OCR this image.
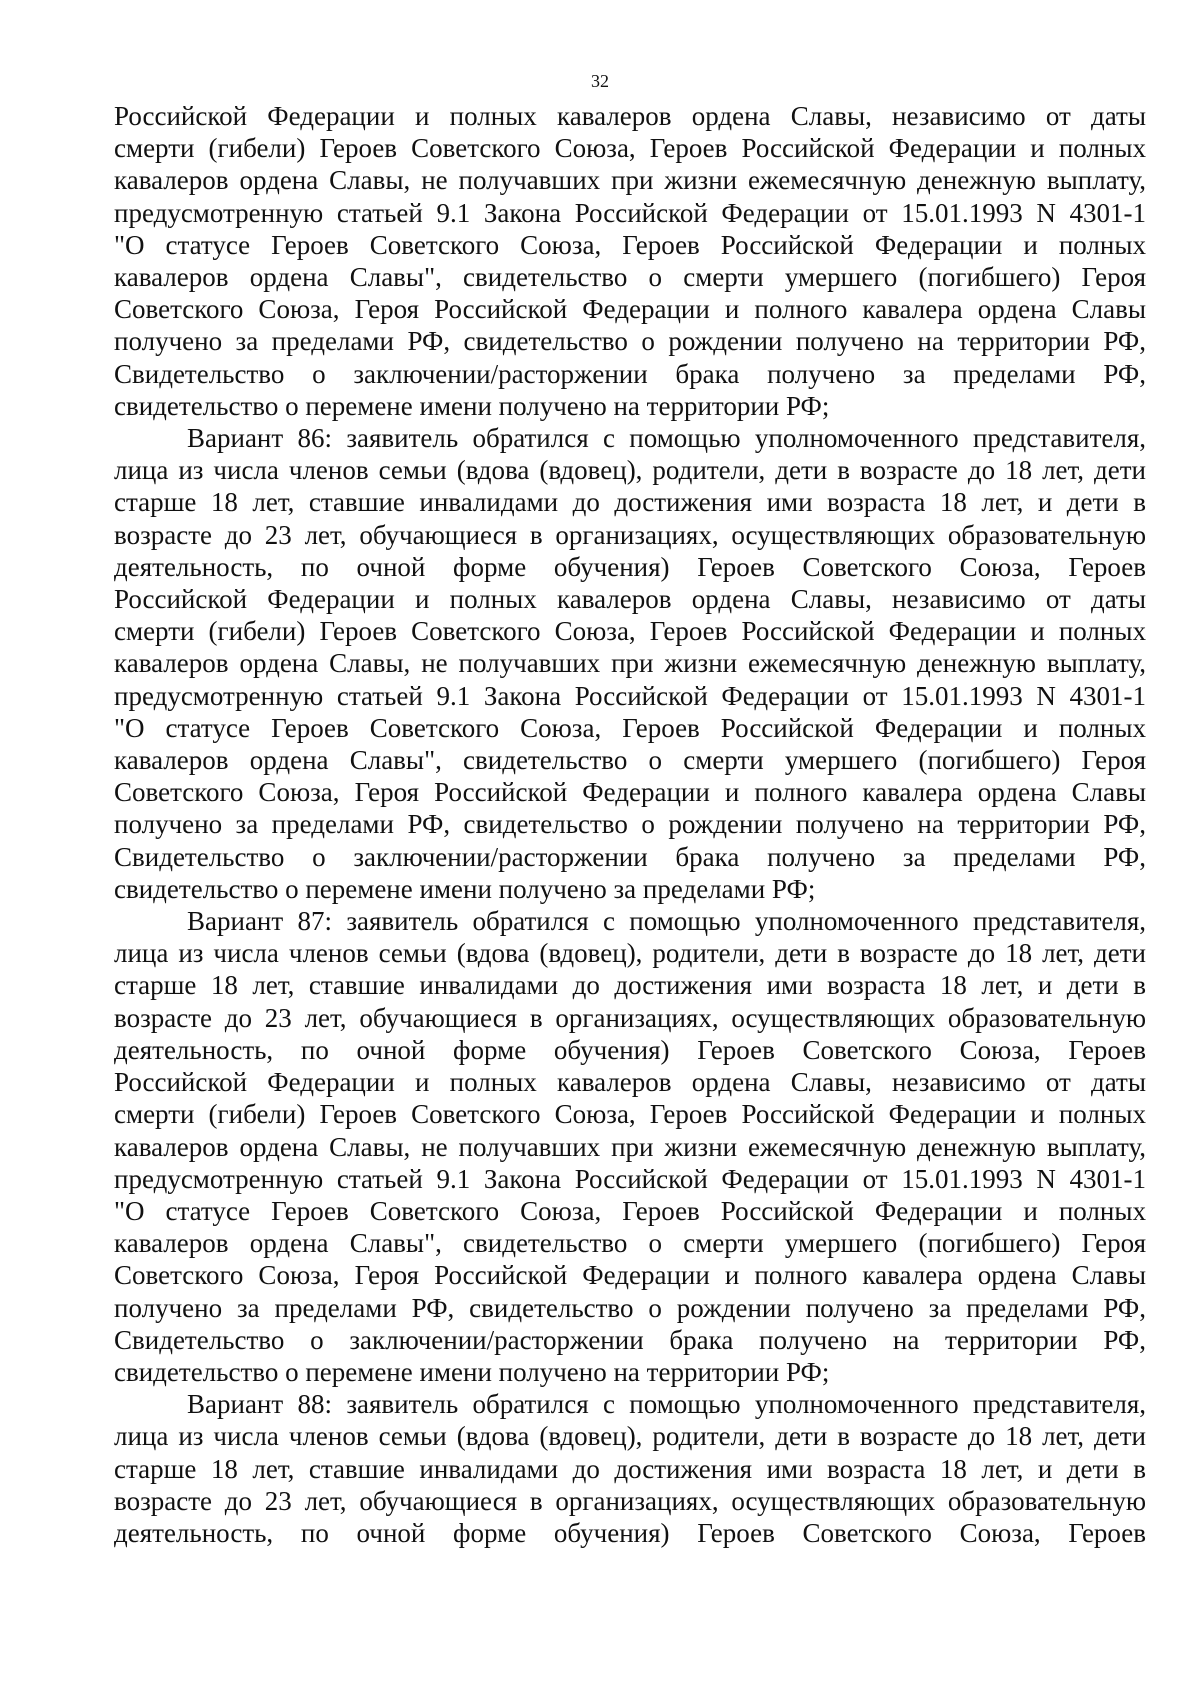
32
Российской Федерации и полных кавалеров ордена Славы, независимо от даты
смерти (гибели) Героев Советского Союза, Героев Российской Федерации и полных
кавалеров ордена Славы, не получавших при жизни ежемесячную денежную выплату,
предусмотренную статьей 9.1 Закона Российской Федерации от 15.01.1993 N 4301-1
"О статусе Героев Советского Союза, Героев Российской Федерации и полных
кавалеров ордена Славы", свидетельство о смерти умершего (погибшего) Героя
Советского Союза, Героя Российской Федерации и полного кавалера ордена Славы
получено за пределами РФ, свидетельство о рождении получено на территории РФ,
Свидетельство о заключении/расторжении брака получено за пределами РФ,
свидетельство о перемене имени получено на территории РФ;
Вариант 86: заявитель обратился с помощью уполномоченного представителя,
лица из числа членов семьи (вдова (вдовец), родители, дети в возрасте до 18 лет, дети
старше 18 лет, ставшие инвалидами до достижения ими возраста 18 лет, и дети в
возрасте до 23 лет, обучающиеся в организациях, осуществляющих образовательную
деятельность, по очной форме обучения) Героев Советского Союза, Героев
Российской Федерации и полных кавалеров ордена Славы, независимо от даты
смерти (гибели) Героев Советского Союза, Героев Российской Федерации и полных
кавалеров ордена Славы, не получавших при жизни ежемесячную денежную выплату,
предусмотренную статьей 9.1 Закона Российской Федерации от 15.01.1993 N 4301-1
"О статусе Героев Советского Союза, Героев Российской Федерации и полных
кавалеров ордена Славы", свидетельство о смерти умершего (погибшего) Героя
Советского Союза, Героя Российской Федерации и полного кавалера ордена Славы
получено за пределами РФ, свидетельство о рождении получено на территории РФ,
Свидетельство о заключении/расторжении брака получено за пределами РФ,
свидетельство о перемене имени получено за пределами РФ;
Вариант 87: заявитель обратился с помощью уполномоченного представителя,
лица из числа членов семьи (вдова (вдовец), родители, дети в возрасте до 18 лет, дети
старше 18 лет, ставшие инвалидами до достижения ими возраста 18 лет, и дети в
возрасте до 23 лет, обучающиеся в организациях, осуществляющих образовательную
деятельность, по очной форме обучения) Героев Советского Союза, Героев
Российской Федерации и полных кавалеров ордена Славы, независимо от даты
смерти (гибели) Героев Советского Союза, Героев Российской Федерации и полных
кавалеров ордена Славы, не получавших при жизни ежемесячную денежную выплату,
предусмотренную статьей 9.1 Закона Российской Федерации от 15.01.1993 N 4301-1
"О статусе Героев Советского Союза, Героев Российской Федерации и полных
кавалеров ордена Славы", свидетельство о смерти умершего (погибшего) Героя
Советского Союза, Героя Российской Федерации и полного кавалера ордена Славы
получено за пределами РФ, свидетельство о рождении получено за пределами РФ,
Свидетельство о заключении/расторжении брака получено на территории РФ,
свидетельство о перемене имени получено на территории РФ;
Вариант 88: заявитель обратился с помощью уполномоченного представителя,
лица из числа членов семьи (вдова (вдовец), родители, дети в возрасте до 18 лет, дети
старше 18 лет, ставшие инвалидами до достижения ими возраста 18 лет, и дети в
возрасте до 23 лет, обучающиеся в организациях, осуществляющих образовательную
деятельность, по очной форме обучения) Героев Советского Союза, Героев
